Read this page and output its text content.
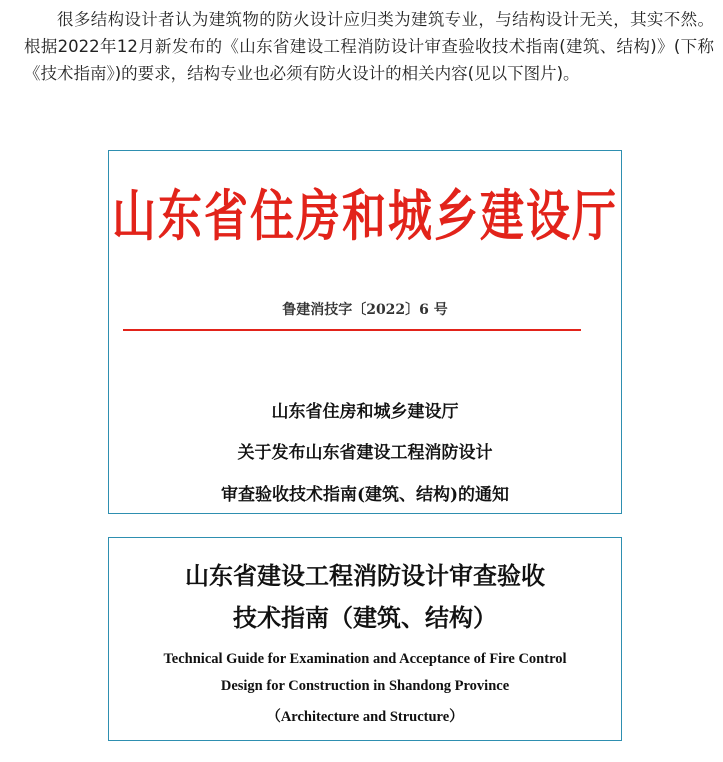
很多结构设计者认为建筑物的防火设计应归类为建筑专业，与结构设计无关，其实不然。根据2022年12月新发布的《山东省建设工程消防设计审查验收技术指南(建筑、结构)》(下称《技术指南》)的要求，结构专业也必须有防火设计的相关内容(见以下图片)。

山东省住房和城乡建设厅
鲁建消技字〔2022〕6 号
山东省住房和城乡建设厅
关于发布山东省建设工程消防设计
审查验收技术指南(建筑、结构)的通知
山东省建设工程消防设计审查验收
技术指南（建筑、结构）
Technical Guide for Examination and Acceptance of Fire Control
Design for Construction in Shandong Province
（Architecture and Structure）
